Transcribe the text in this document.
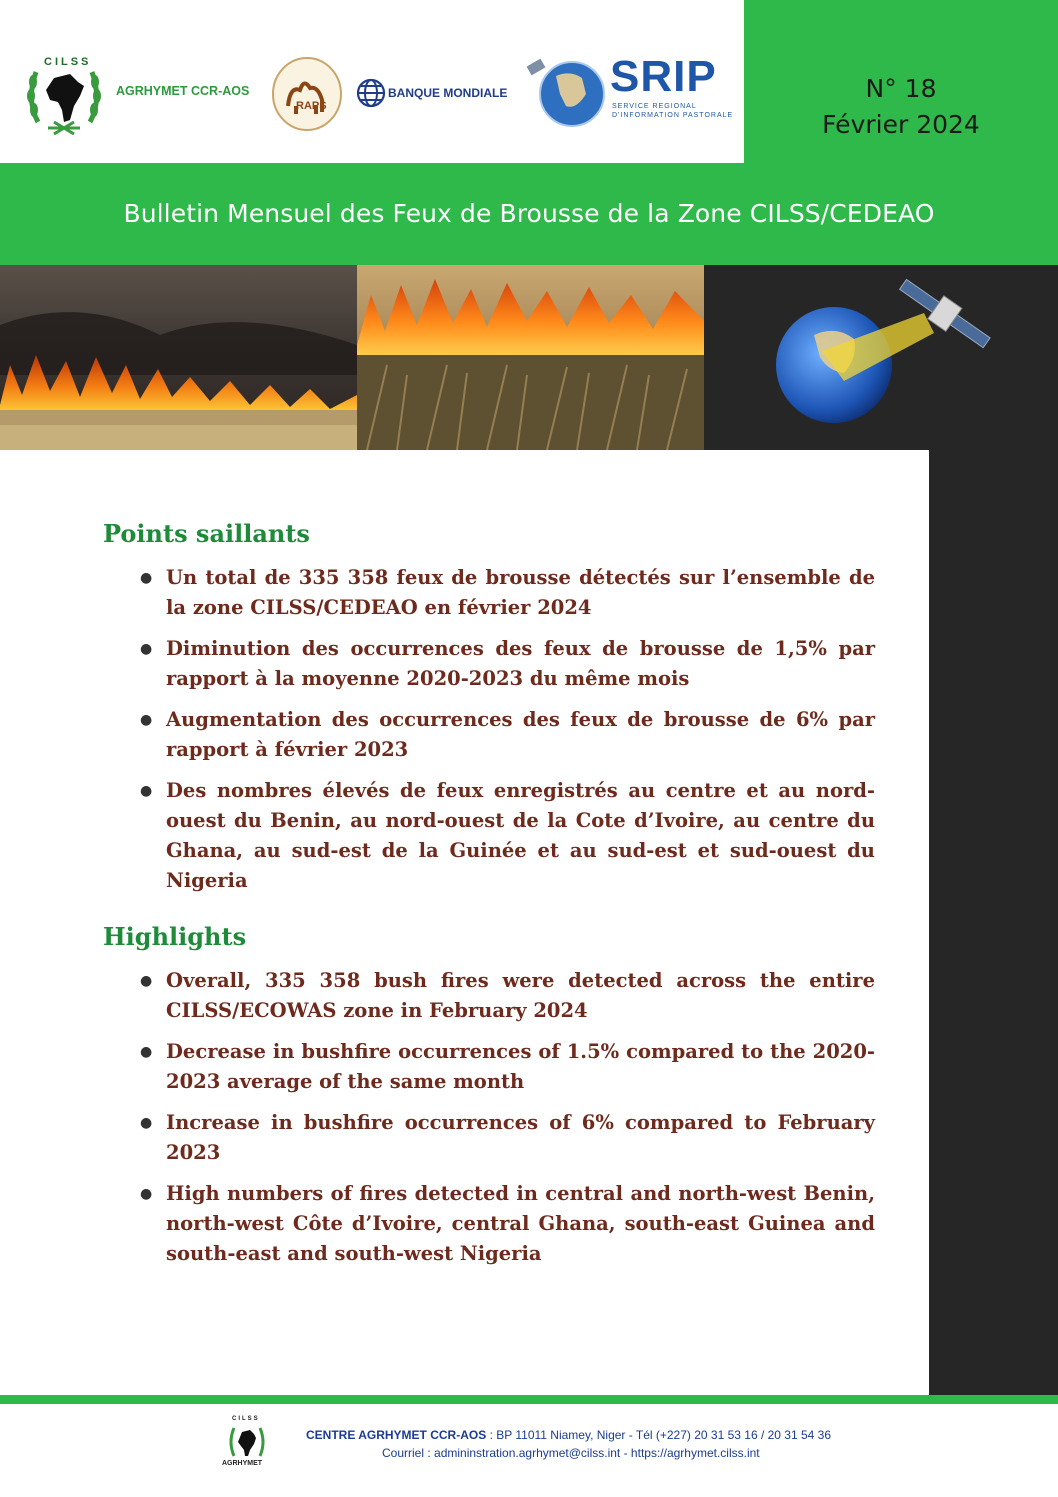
CILSS
AGRHYMET CCR-AOS
RAPS
BANQUE MONDIALE SRIP
SERVICE REGIONAL D'INFORMATION PASTORALE
N° 18
Février 2024
Bulletin Mensuel des Feux de Brousse de la Zone CILSS/CEDEAO
Points saillants
● Un total de 335 358 feux de brousse détectés sur l’ensemble de la zone CILSS/CEDEAO en février 2024
● Diminution des occurrences des feux de brousse de 1,5% par rapport à la moyenne 2020-2023 du même mois
● Augmentation des occurrences des feux de brousse de 6% par rapport à février 2023
● Des nombres élevés de feux enregistrés au centre et au nord-ouest du Benin, au nord-ouest de la Cote d’Ivoire, au centre du Ghana, au sud-est de la Guinée et au sud-est et sud-ouest du Nigeria
Highlights
● Overall, 335 358 bush fires were detected across the entire CILSS/ECOWAS zone in February 2024
● Decrease in bushfire occurrences of 1.5% compared to the 2020-2023 average of the same month
● Increase in bushfire occurrences of 6% compared to February 2023
● High numbers of fires detected in central and north-west Benin, north-west Côte d’Ivoire, central Ghana, south-east Guinea and south-east and south-west Nigeria
CILSS
AGRHYMET
CENTRE AGRHYMET CCR-AOS : BP 11011 Niamey, Niger - Tél (+227) 20 31 53 16 / 20 31 54 36
Courriel : admininstration.agrhymet@cilss.int - https://agrhymet.cilss.int
